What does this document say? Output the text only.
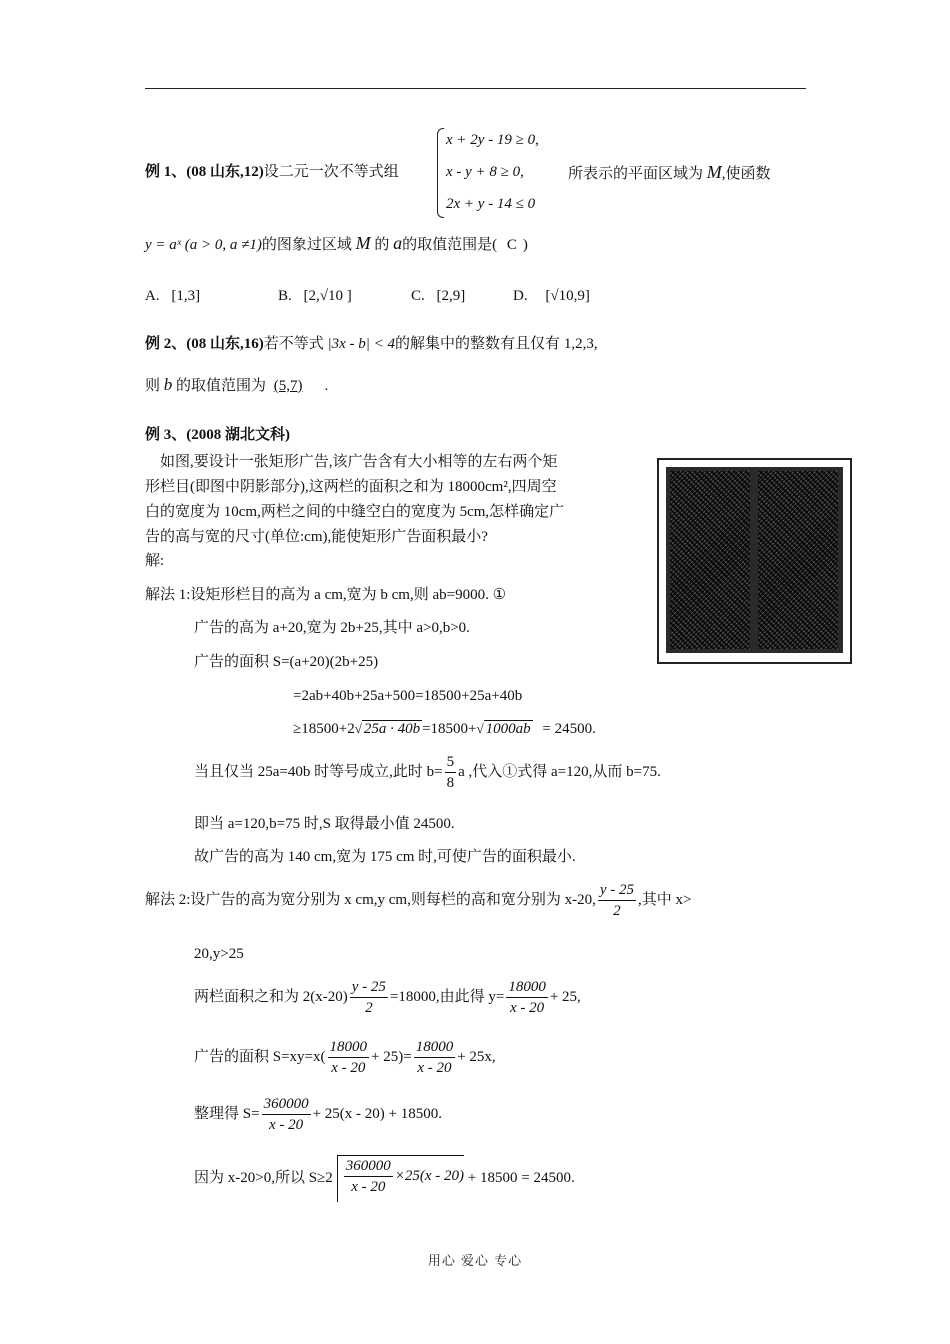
x + 2y - 19 ≥ 0,
x - y + 8 ≥ 0,
2x + y - 14 ≤ 0
例 1、(08 山东,12)设二元一次不等式组	所表示的平面区域为 M,使函数
y = aˣ (a > 0, a ≠1)的图象过区域 M 的 a的取值范围是( C )
A. [1,3]	B. [2,√10 ]	C. [2,9]	D. [√10,9]
例 2、(08 山东,16)若不等式 |3x - b| < 4的解集中的整数有且仅有 1,2,3,
则 b 的取值范围为 (5,7) .
例 3、(2008 湖北文科)
如图,要设计一张矩形广告,该广告含有大小相等的左右两个矩
形栏目(即图中阴影部分),这两栏的面积之和为 18000cm²,四周空
白的宽度为 10cm,两栏之间的中缝空白的宽度为 5cm,怎样确定广
告的高与宽的尺寸(单位:cm),能使矩形广告面积最小?
解:
解法 1:设矩形栏目的高为 a cm,宽为 b cm,则 ab=9000. ①
广告的高为 a+20,宽为 2b+25,其中 a>0,b>0.
广告的面积 S=(a+20)(2b+25)
=2ab+40b+25a+500=18500+25a+40b
≥18500+2√ 25a · 40b =18500+√ 1000ab = 24500.
当且仅当 25a=40b 时等号成立,此时 $b= \frac{5}{8}$ a ,代入①式得 a=120,从而 b=75.
即当 a=120,b=75 时,S 取得最小值 24500.
故广告的高为 140 cm,宽为 175 cm 时,可使广告的面积最小.
解法 2:设广告的高为宽分别为 x cm,y cm,则每栏的高和宽分别为 x-20, $\frac{y - 25}{2}$ ,其中 x>
20,y>25
两栏面积之和为 $2(x-20) \frac{y - 25}{2} =18000$,由此得 $y= \frac{18000}{x - 20} + 25$,
广告的面积 $S=xy=x( \frac{18000}{x - 20} + 25)= \frac{18000}{x - 20} + 25x$,
整理得 $S= \frac{360000}{x - 20} + 25(x - 20) + 18500$.
因为 x-20>0,所以 $S\ge 2 \frac{360000}{x - 20} \times 25(x - 20) + 18500 = 24500$.
用心 爱心 专心
